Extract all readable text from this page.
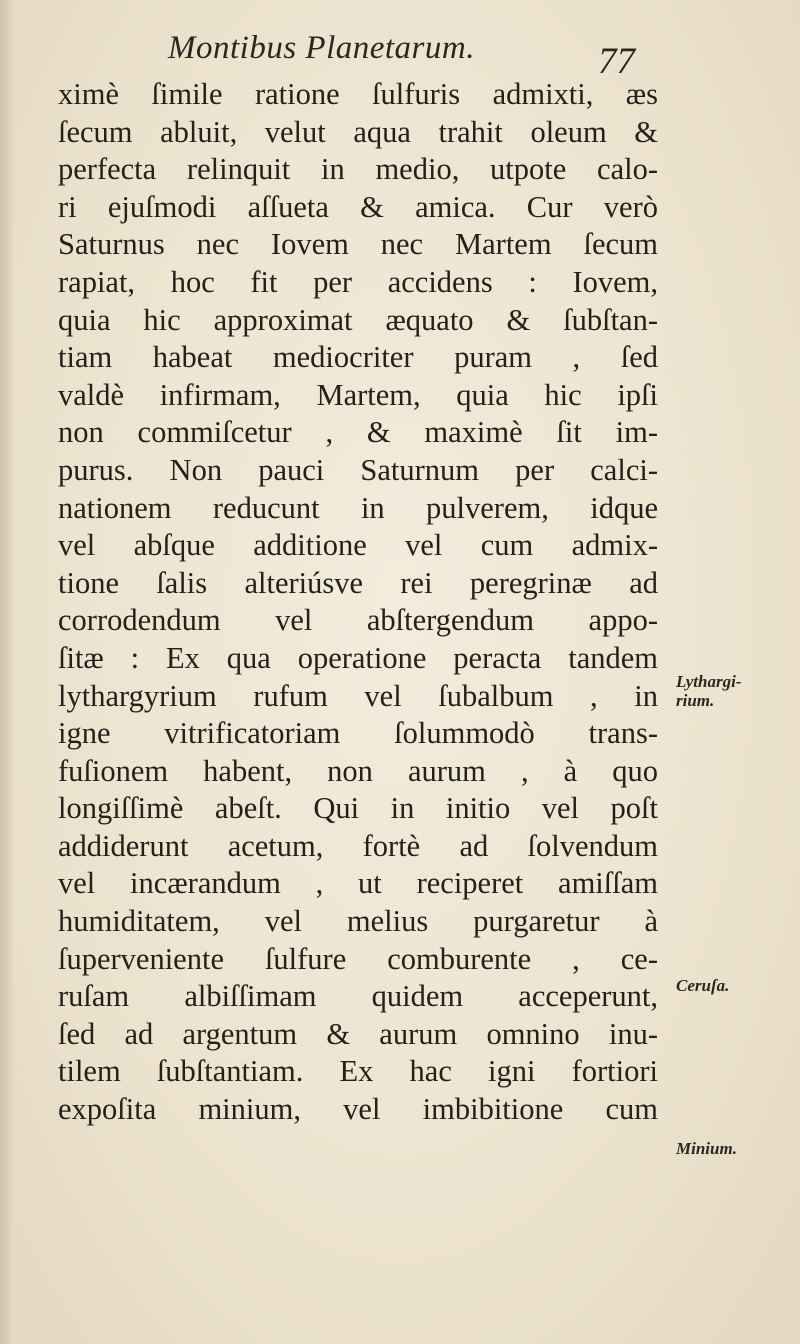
Montibus Planetarum.	77
ximè ſimile ratione ſulfuris admixti, æs
ſecum abluit, velut aqua trahit oleum &
perfecta relinquit in medio, utpote calo-
ri ejuſmodi aſſueta & amica. Cur verò
Saturnus nec Iovem nec Martem ſecum
rapiat, hoc fit per accidens : Iovem,
quia hic approximat æquato & ſubſtan-
tiam habeat mediocriter puram , ſed
valdè infirmam, Martem, quia hic ipſi
non commiſcetur , & maximè ſit im-
purus. Non pauci Saturnum per calci-
nationem reducunt in pulverem, idque
vel abſque additione vel cum admix-
tione ſalis alteriúsve rei peregrinæ ad
corrodendum vel abſtergendum appo-
ſitæ : Ex qua operatione peracta tandem
lythargyrium rufum vel ſubalbum , in
igne vitrificatoriam ſolummodò trans-
fuſionem habent, non aurum , à quo
longiſſimè abeſt. Qui in initio vel poſt
addiderunt acetum, fortè ad ſolvendum
vel incærandum , ut reciperet amiſſam
humiditatem, vel melius purgaretur à
ſuperveniente ſulfure comburente , ce-
ruſam albiſſimam quidem acceperunt,
ſed ad argentum & aurum omnino inu-
tilem ſubſtantiam. Ex hac igni fortiori
expoſita minium, vel imbibitione cum
Lythargi-
rium.
Ceruſa.
Minium.
